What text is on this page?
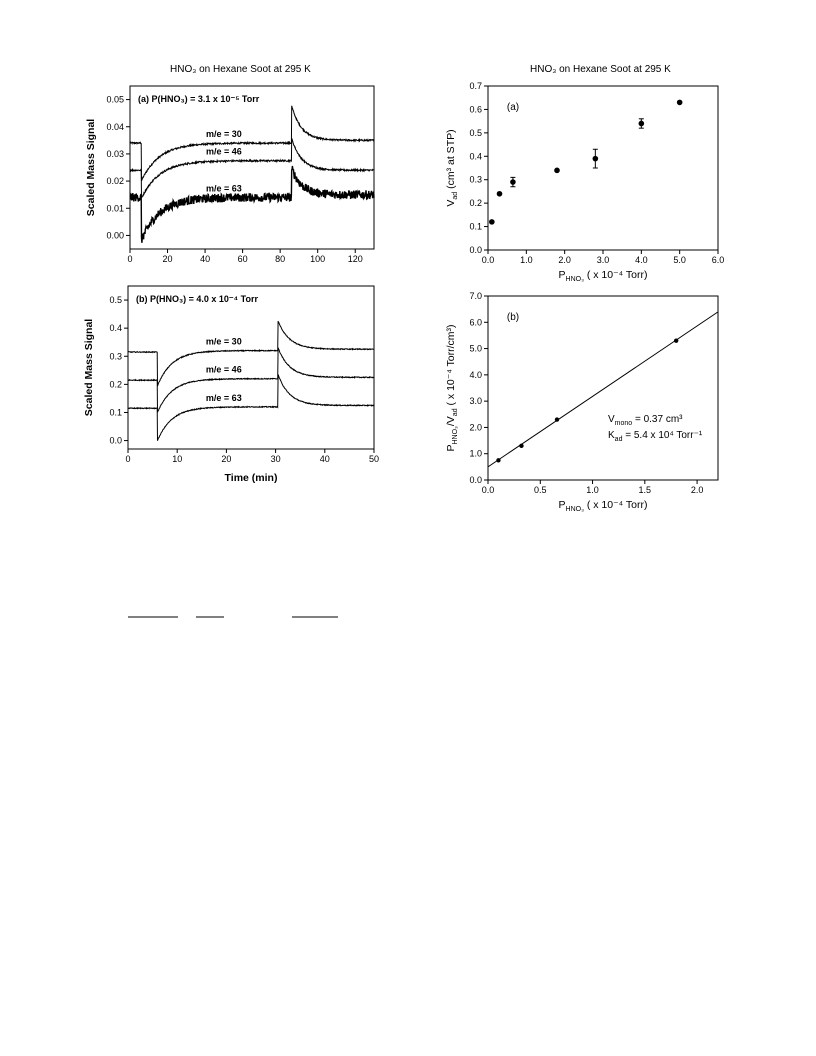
HNO₃ on Hexane Soot at 295 K	HNO₃ on Hexane Soot at 295 K
0	20	40	60	80	100	120
0.00
0.01
0.02
0.03
0.04
0.05 (a) P(HNO₃) = 3.1 x 10⁻⁵ Torr
Scaled Mass Signal	m/e = 30
m/e = 46
m/e = 63
0	10	20	30	40	50
0.0
0.1
0.2
0.3
0.4
0.5 (b) P(HNO₃) = 4.0 x 10⁻⁴ Torr
Scaled Mass Signal
Time (min)
m/e = 30
m/e = 46
m/e = 63
0.0	1.0	2.0	3.0	4.0	5.0	6.0
0.0
0.1
0.2
0.3
0.4
0.5
0.6
0.7
(a)
$P_{HNO_3}$ ( x 10⁻⁴ Torr)
$V_{ad}$ (cm³ at STP)
0.0	0.5	1.0	1.5	2.0
0.0
1.0
2.0
3.0
4.0
5.0
6.0
7.0
(b)
$P_{HNO_3}$ ( x 10⁻⁴ Torr)
$P_{HNO_3}/V_{ad}$ ( x 10⁻⁴ Torr/cm³)
$V_{mono} = 0.37$ cm³
$K_{ad} = 5.4$ x 10⁴ Torr⁻¹
